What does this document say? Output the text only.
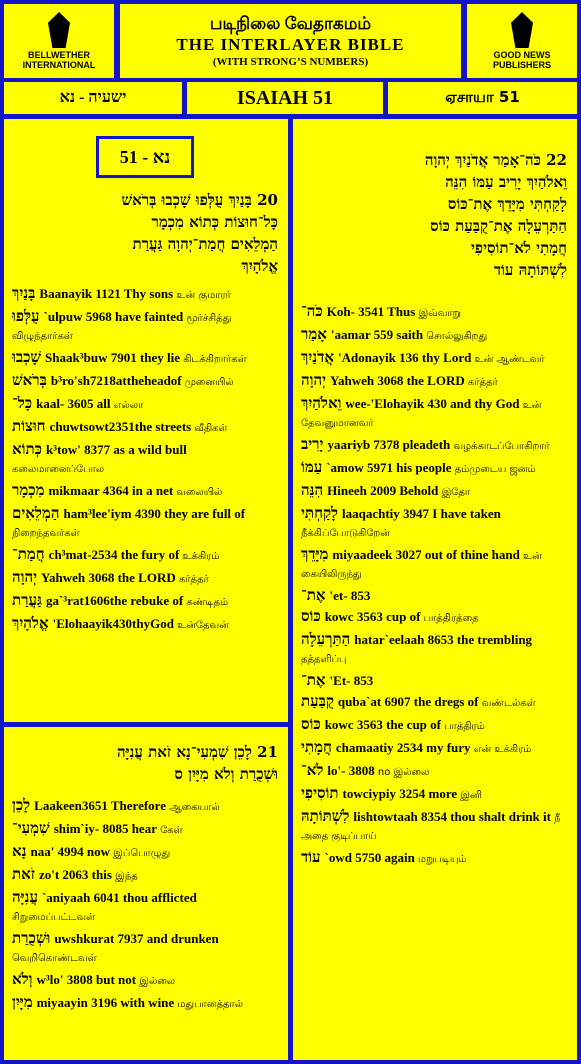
BELLWETHER INTERNATIONAL
படிநிலை வேதாகமம்
THE INTERLAYER BIBLE
(WITH STRONG’S NUMBERS)
GOOD NEWS PUBLISHERS
ישעיה - נא	ISAIAH 51	ஏசாயா 51
20 בָּנַיִךְ עֻלְּפוּ שָׁכְבוּ בְּרֹאשׁ
כָּל־חוּצוֹת כְּתוֹא מִכְמָר
הַמְלֵאִים חֲמַת־יְהוָה גַּעֲרַת
אֱלֹהָיִךְ
בָּנַיִךְ Baanayik 1121 Thy sons உன் குமாரர்
עֻלְּפוּ `ulpuw 5968 have fainted மூர்ச்சித்து விழுந்தார்கள்
שָׁכְבוּ Shaak³buw 7901 they lie கிடக்கிறார்கள்
בְּרֹאשׁ b³ro'sh7218attheheadof முனையில்
כָּל־ kaal- 3605 all எல்லா
חוּצוֹת chuwtsowt2351the streets வீதிகள்
כְּתוֹא k³tow' 8377 as a wild bull கலைமானைப்போல
מִכְמָר mikmaar 4364 in a net வலையில்
הַמְלֵאִים ham³lee'iym 4390 they are full of நிறைந்தவர்கள்
חֲמַת־ ch³mat-2534 the fury of உக்கிரம்
יְהוָה Yahweh 3068 the LORD கர்த்தர்
גַּעֲרַת ga`³rat1606the rebuke of கண்டிதம்
אֱלֹהָיִךְ 'Elohaayik430thyGod உன்தேவன்
נא - 51
21 לָכֵן שִׁמְעִי־נָא זֹאת עֲנִיָּה
וּשְׁכֻרַת וְלֹא מִיָּיִן ס
לָכֵן Laakeen3651 Therefore ஆகையால்
שִׁמְעִי־ shim`iy- 8085 hear கேள்
נָא naa' 4994 now இப்பொழுது
זֹאת zo't 2063 this இந்த
עֲנִיָּה `aniyaah 6041 thou afflicted சிறுமைப்பட்டவள்
וּשְׁכֻרַת uwshkurat 7937 and drunken வெறிகொண்டவள்
וְלֹא w³lo' 3808 but not இல்லை
מִיָּיִן miyaayin 3196 with wine மதுபானத்தால்
22 כֹּה־אָמַר אֲדֹנַיִךְ יְהוָה
וֵאלֹהַיִךְ יָרִיב עַמּוֹ הִנֵּה
לָקַחְתִּי מִיָּדֵךְ אֶת־כּוֹס
הַתַּרְעֵלָה אֶת־קֻבַּעַת כּוֹס
חֲמָתִי לֹא־תוֹסִיפִי
לִשְׁתּוֹתָהּ עוֹד
כֹּה־ Koh- 3541 Thus இவ்வாறு
אָמַר 'aamar 559 saith சொல்லுகிறது
אֲדֹנַיִךְ 'Adonayik 136 thy Lord உன் ஆண்டவர்
יְהוָה Yahweh 3068 the LORD கர்த்தர்
וֵאלֹהַיִךְ wee-'Elohayik 430 and thy God உன் தேவனுமானவர்
יָרִיב yaariyb 7378 pleadeth வழக்காடப்போகிறார்
עַמּוֹ `amow 5971 his people தம்முடைய ஜனம்
הִנֵּה Hineeh 2009 Behold இதோ
לָקַחְתִּי laaqachtiy 3947 I have taken நீக்கிப்போடுகிறேன்
מִיָּדֵךְ miyaadeek 3027 out of thine hand உன் கையிலிருந்து
אֶת־ 'et- 853
כּוֹס kowc 3563 cup of பாத்திரத்தை
הַתַּרְעֵלָה hatar`eelaah 8653 the trembling தத்தளிப்பு
אֶת־ 'Et- 853
קֻבַּעַת quba`at 6907 the dregs of வண்டல்கள்
כּוֹס kowc 3563 the cup of பாத்திரம்
חֲמָתִי chamaatiy 2534 my fury என் உக்கிரம்
לֹא־ lo'- 3808 no இல்லை
תוֹסִיפִי towciypiy 3254 more இனி
לִשְׁתּוֹתָהּ lishtowtaah 8354 thou shalt drink it நீ அதை குடிப்பாய்
עוֹד `owd 5750 again மறுபடியும்
